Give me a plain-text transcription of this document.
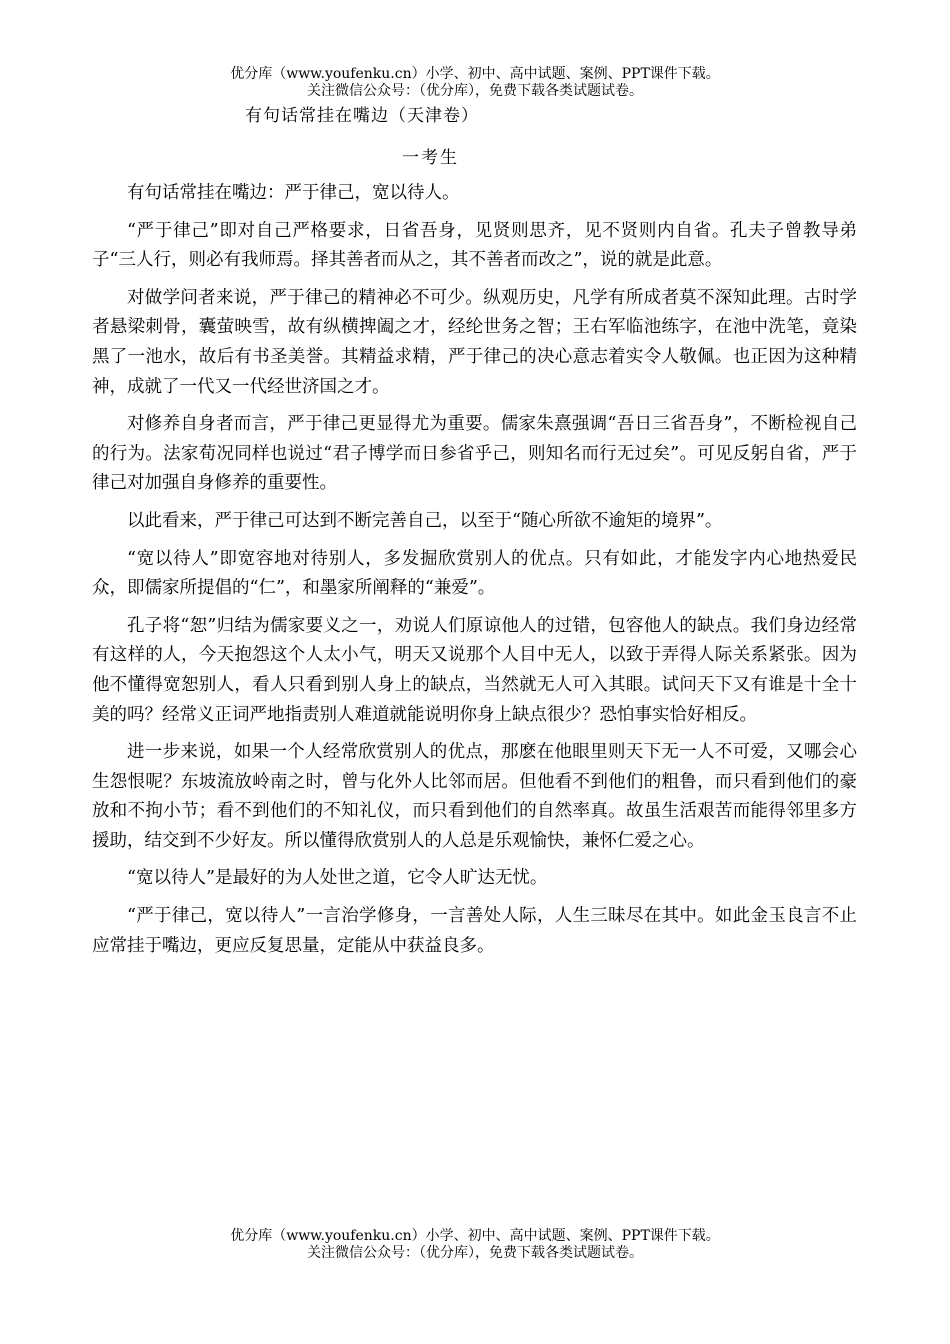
优分库（www.youfenku.cn）小学、初中、高中试题、案例、PPT课件下载。
关注微信公众号：（优分库），免费下载各类试题试卷。
有句话常挂在嘴边（天津卷）
一考生

有句话常挂在嘴边：严于律己，宽以待人。

“严于律己”即对自己严格要求，日省吾身，见贤则思齐，见不贤则内自省。孔夫子曾教导弟子“三人行，则必有我师焉。择其善者而从之，其不善者而改之”，说的就是此意。

对做学问者来说，严于律己的精神必不可少。纵观历史，凡学有所成者莫不深知此理。古时学者悬梁刺骨，囊萤映雪，故有纵横捭阖之才，经纶世务之智；王右军临池练字，在池中洗笔，竟染黑了一池水，故后有书圣美誉。其精益求精，严于律己的决心意志着实令人敬佩。也正因为这种精神，成就了一代又一代经世济国之才。

对修养自身者而言，严于律己更显得尤为重要。儒家朱熹强调“吾日三省吾身”，不断检视自己的行为。法家荀况同样也说过“君子博学而日参省乎己，则知名而行无过矣”。可见反躬自省，严于律己对加强自身修养的重要性。

以此看来，严于律己可达到不断完善自己，以至于“随心所欲不逾矩的境界”。

“宽以待人”即宽容地对待别人，多发掘欣赏别人的优点。只有如此，才能发字内心地热爱民众，即儒家所提倡的“仁”，和墨家所阐释的“兼爱”。

孔子将“恕”归结为儒家要义之一，劝说人们原谅他人的过错，包容他人的缺点。我们身边经常有这样的人，今天抱怨这个人太小气，明天又说那个人目中无人，以致于弄得人际关系紧张。因为他不懂得宽恕别人，看人只看到别人身上的缺点，当然就无人可入其眼。试问天下又有谁是十全十美的吗？经常义正词严地指责别人难道就能说明你身上缺点很少？恐怕事实恰好相反。

进一步来说，如果一个人经常欣赏别人的优点，那麽在他眼里则天下无一人不可爱，又哪会心生怨恨呢？东坡流放岭南之时，曾与化外人比邻而居。但他看不到他们的粗鲁，而只看到他们的豪放和不拘小节；看不到他们的不知礼仪，而只看到他们的自然率真。故虽生活艰苦而能得邻里多方援助，结交到不少好友。所以懂得欣赏别人的人总是乐观愉快，兼怀仁爱之心。

“宽以待人”是最好的为人处世之道，它令人旷达无忧。

“严于律己，宽以待人”一言治学修身，一言善处人际，人生三昧尽在其中。如此金玉良言不止应常挂于嘴边，更应反复思量，定能从中获益良多。

优分库（www.youfenku.cn）小学、初中、高中试题、案例、PPT课件下载。
关注微信公众号：（优分库），免费下载各类试题试卷。
